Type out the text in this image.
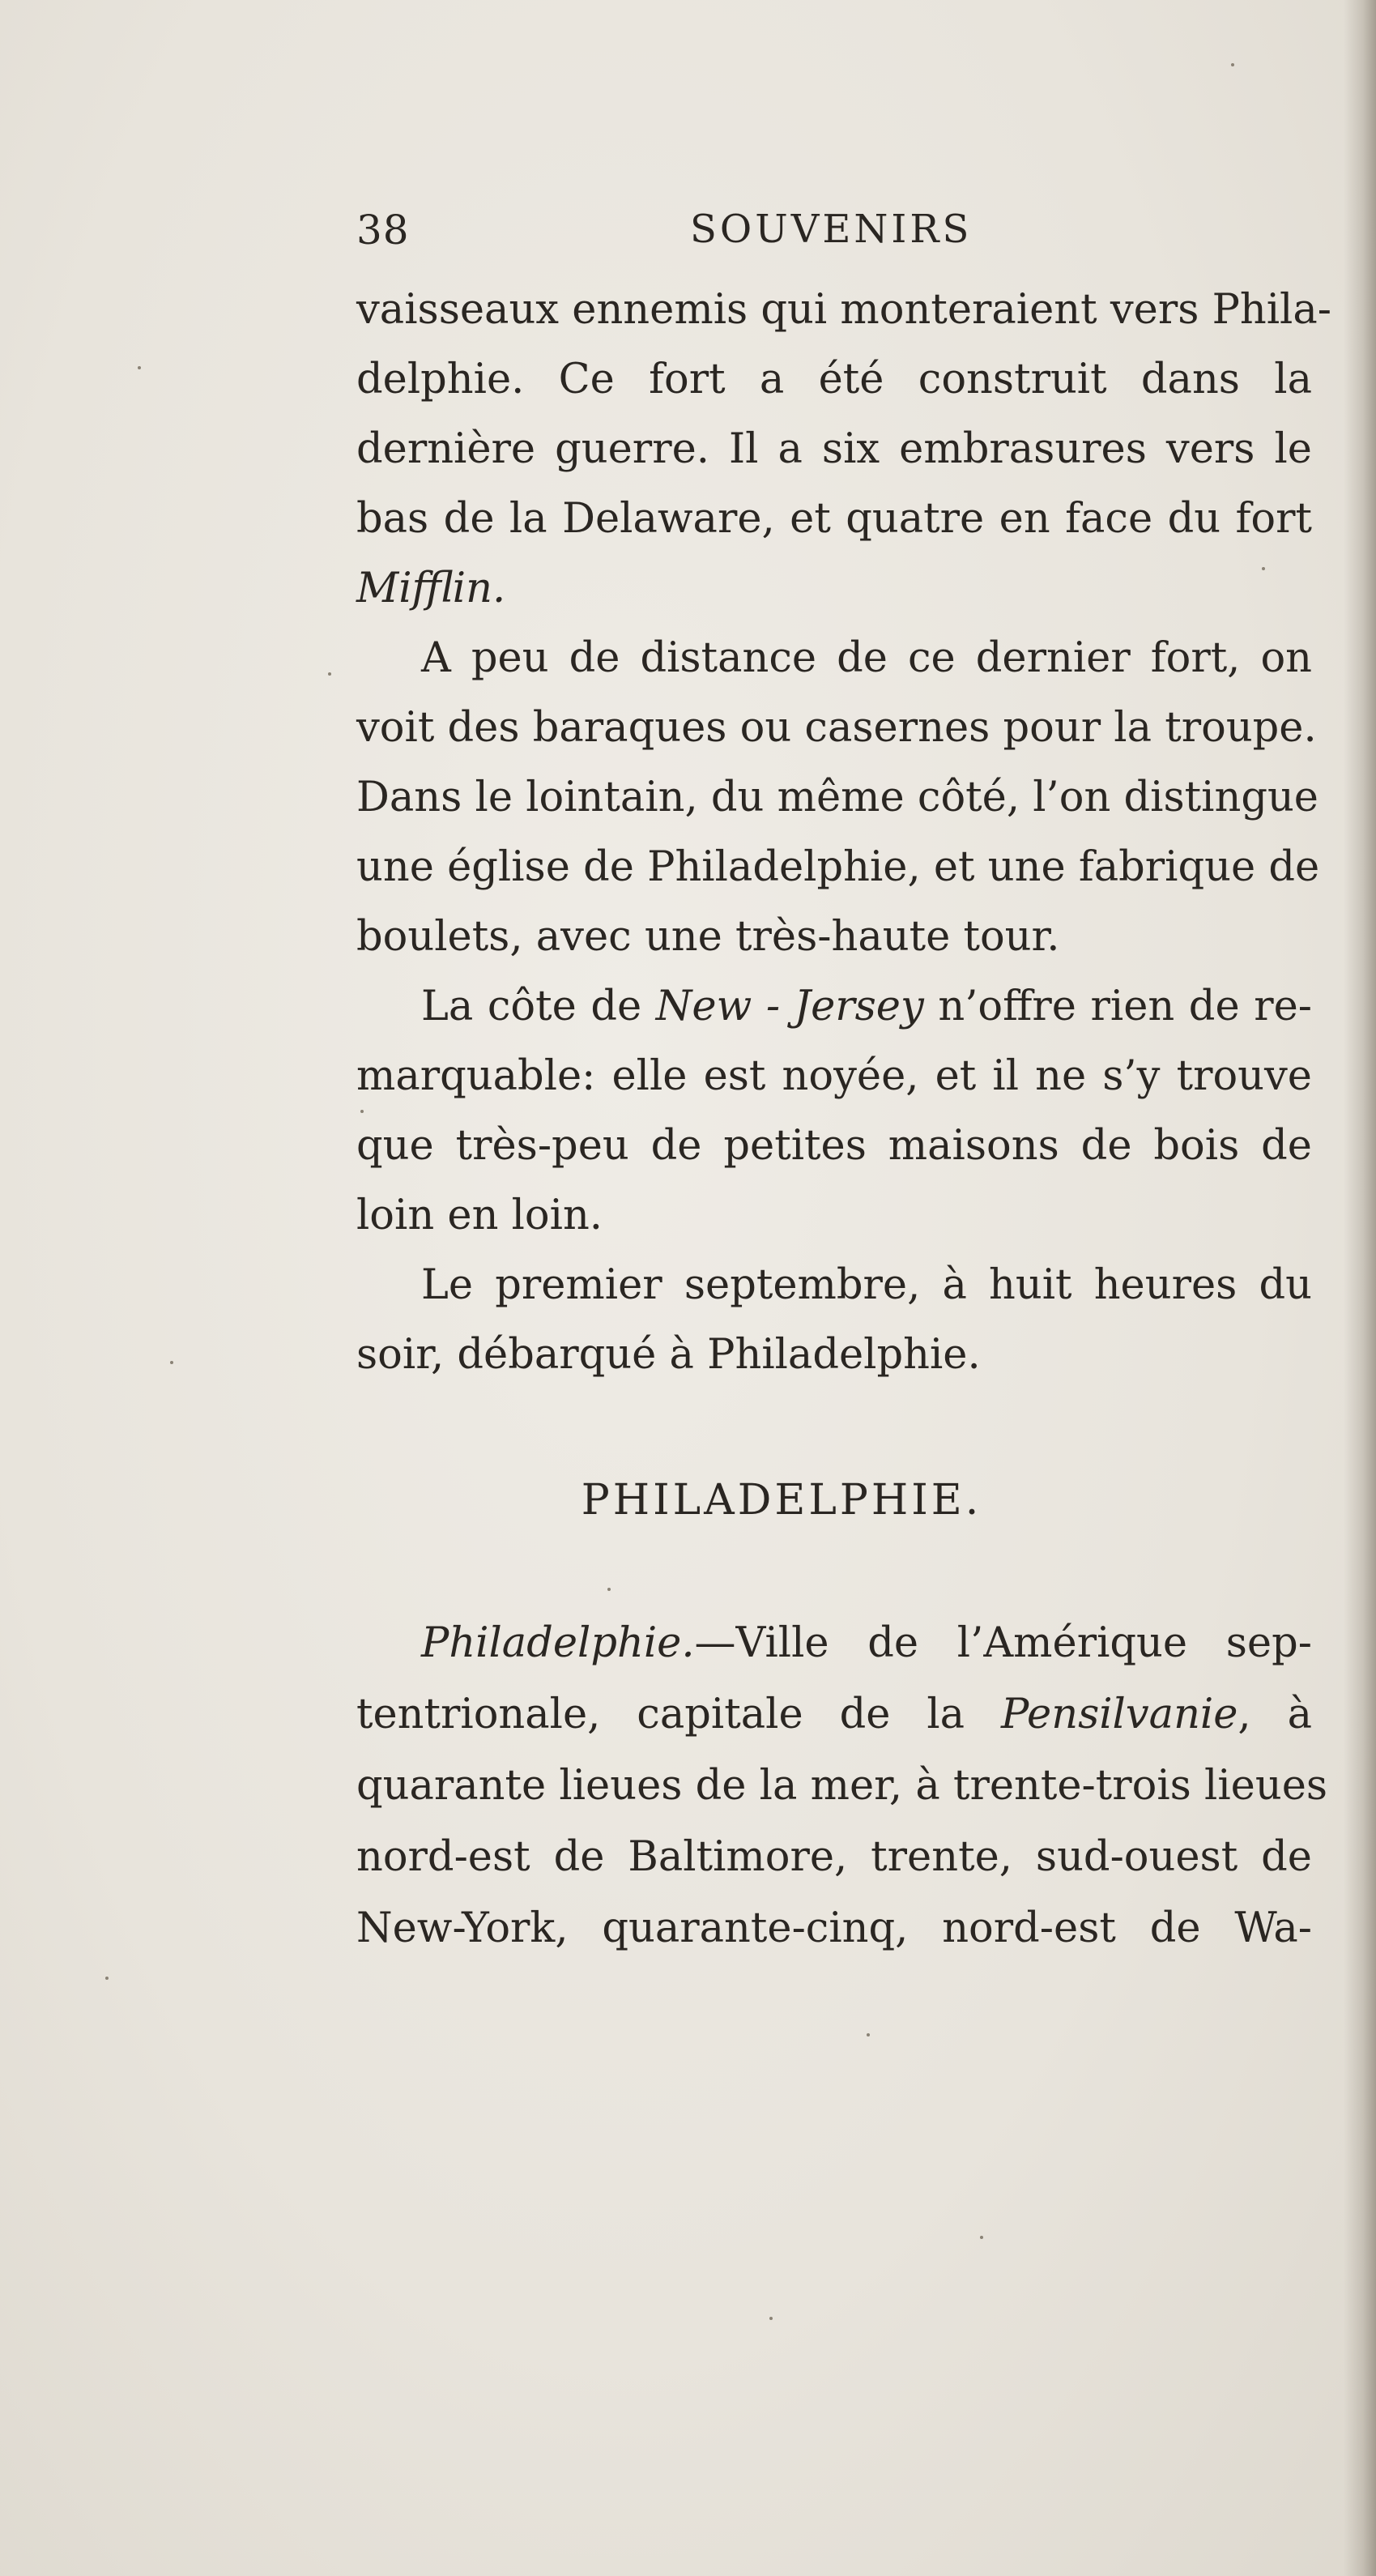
38	SOUVENIRS
vaisseaux ennemis qui monteraient vers Phila-
delphie. Ce fort a été construit dans la
dernière guerre. Il a six embrasures vers le
bas de la Delaware, et quatre en face du fort
Mifflin.
A peu de distance de ce dernier fort, on
voit des baraques ou casernes pour la troupe.
Dans le lointain, du même côté, l’on distingue
une église de Philadelphie, et une fabrique de
boulets, avec une très-haute tour.
La côte de New - Jersey n’offre rien de re-
marquable: elle est noyée, et il ne s’y trouve
que très-peu de petites maisons de bois de
loin en loin.
Le premier septembre, à huit heures du
soir, débarqué à Philadelphie.
PHILADELPHIE.
Philadelphie.—Ville de l’Amérique sep-
tentrionale, capitale de la Pensilvanie, à
quarante lieues de la mer, à trente-trois lieues
nord-est de Baltimore, trente, sud-ouest de
New-York, quarante-cinq, nord-est de Wa-
